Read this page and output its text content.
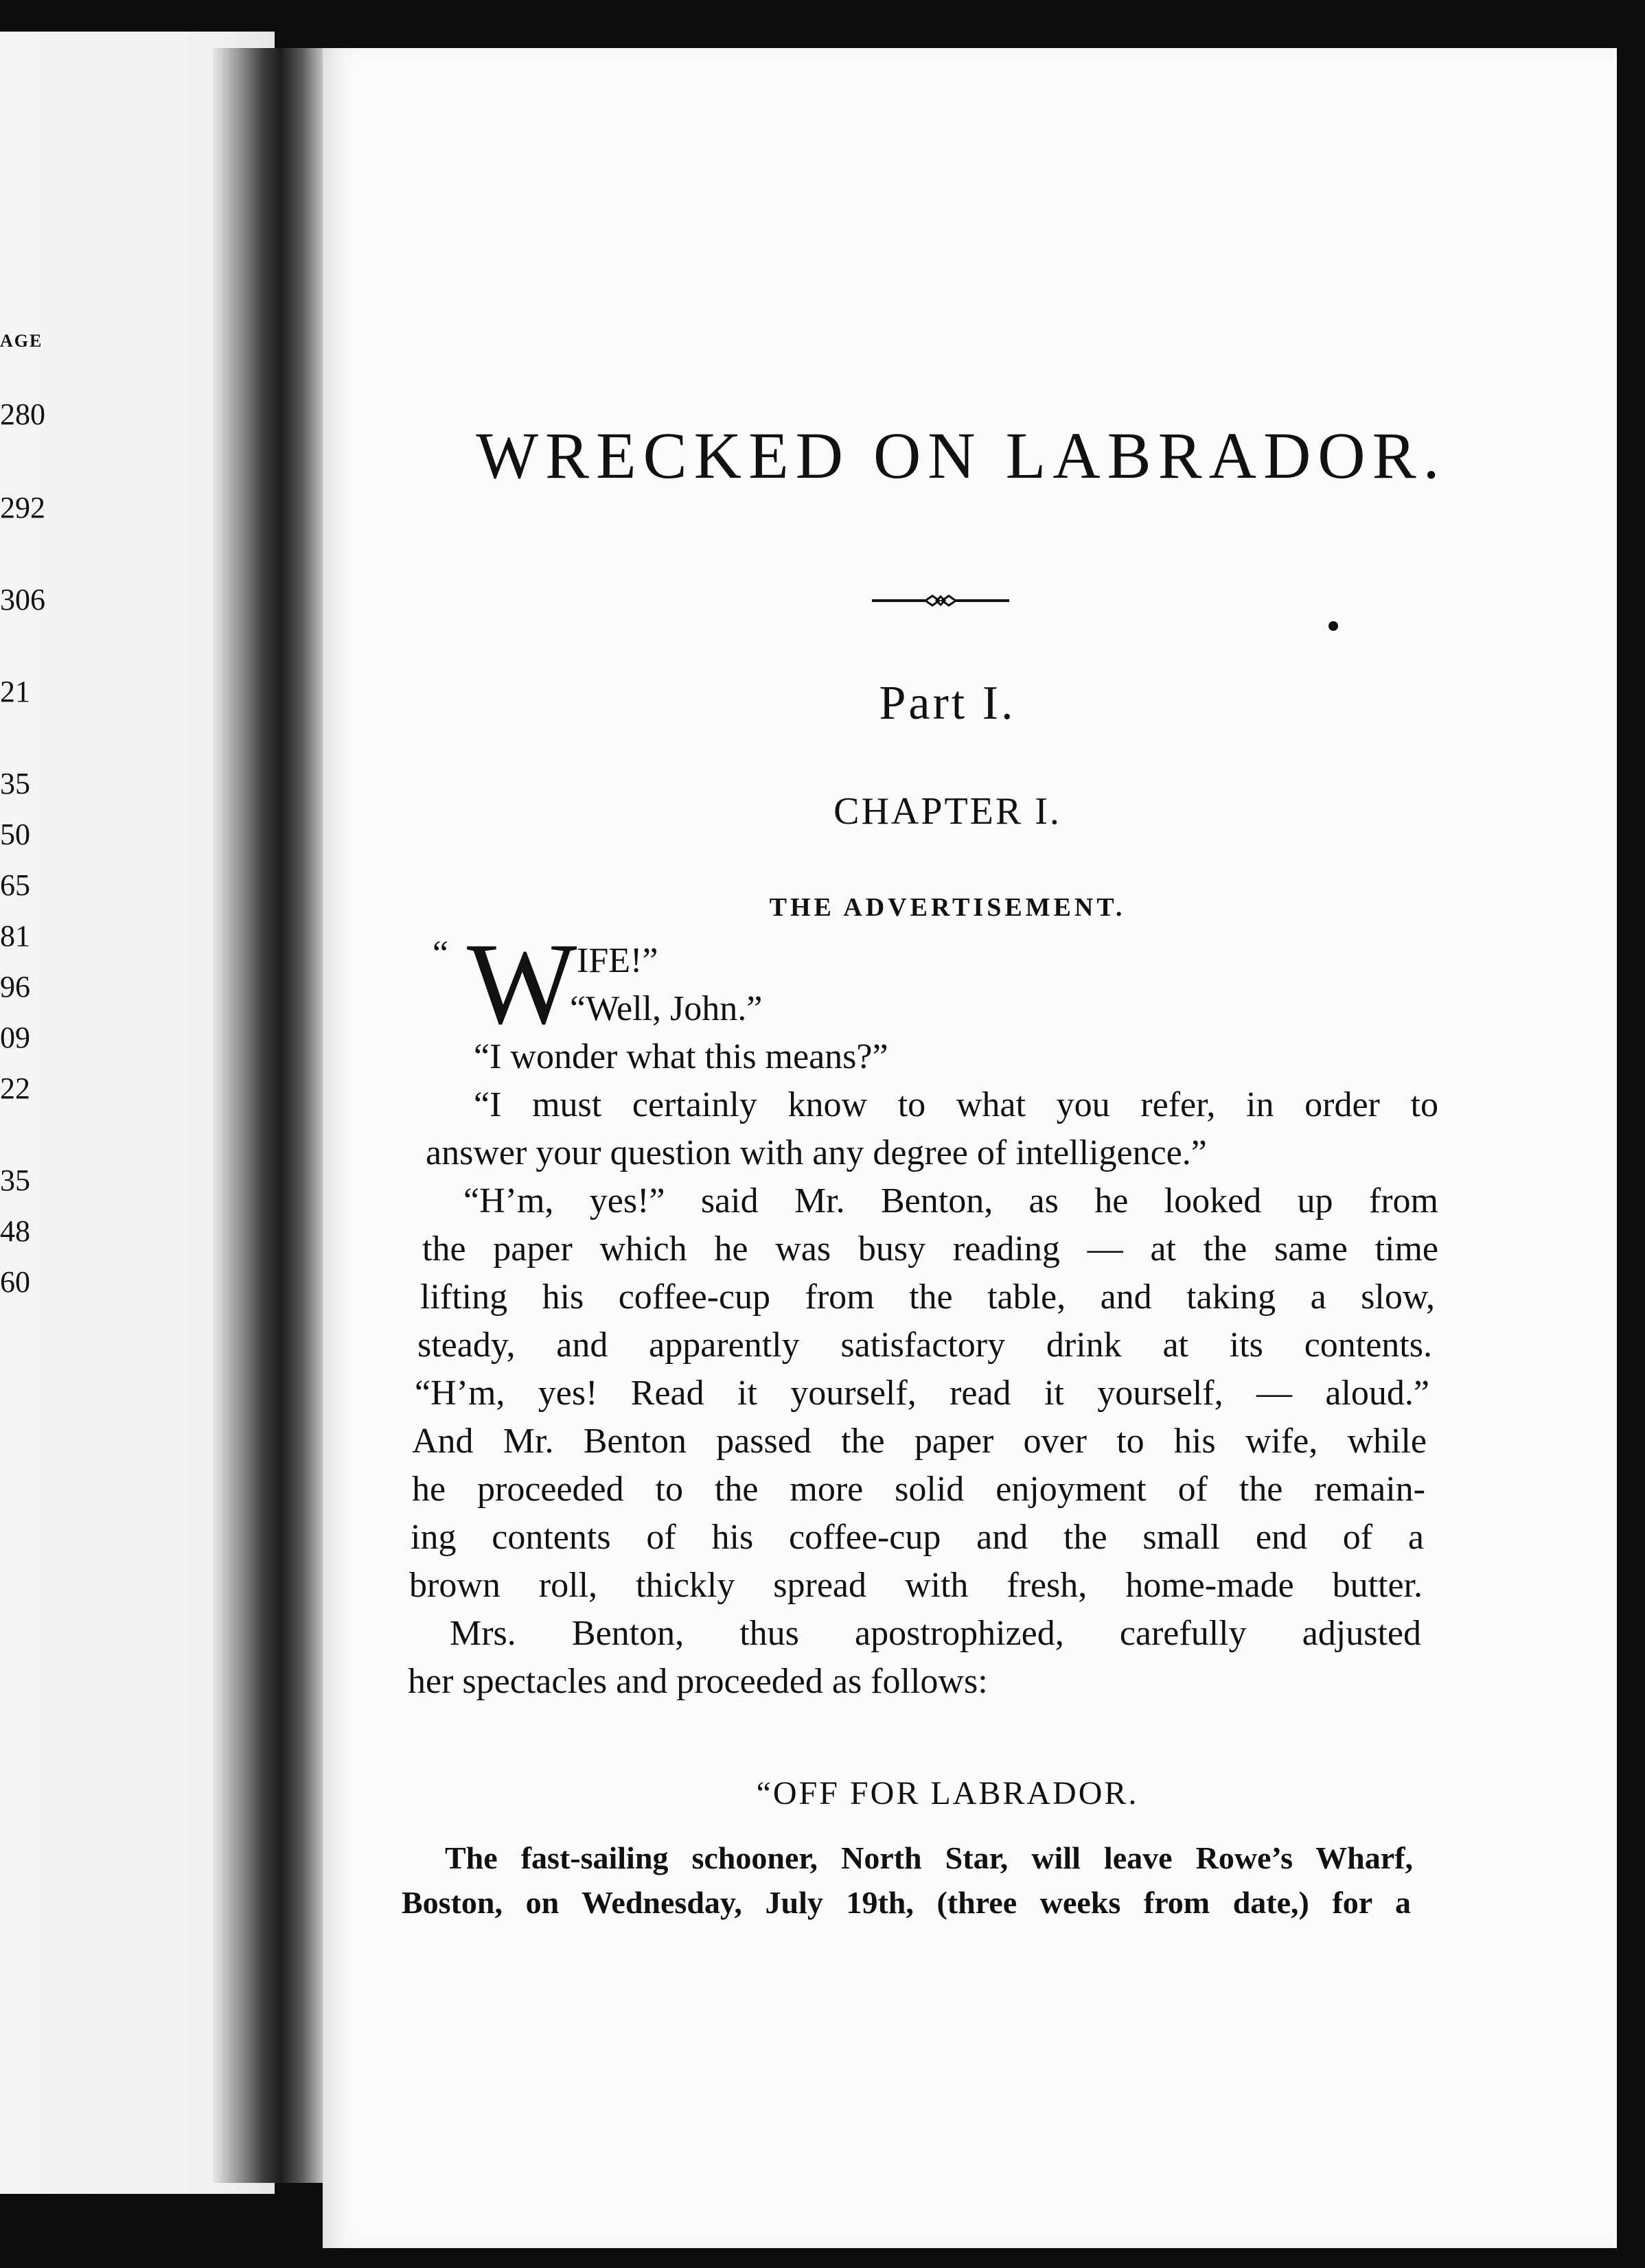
AGE
280
292
306
21
35
50
65
81
96
09
22
35
48
60
WRECKED ON LABRADOR.
Part I.
CHAPTER I.
THE ADVERTISEMENT.
“ W IFE!”
“Well, John.”
“I wonder what this means?”
“I must certainly know to what you refer, in order to
answer your question with any degree of intelligence.”
“H’m, yes!” said Mr. Benton, as he looked up from
the paper which he was busy reading — at the same time
lifting his coffee-cup from the table, and taking a slow,
steady, and apparently satisfactory drink at its contents.
“H’m, yes! Read it yourself, read it yourself, — aloud.”
And Mr. Benton passed the paper over to his wife, while
he proceeded to the more solid enjoyment of the remain-
ing contents of his coffee-cup and the small end of a
brown roll, thickly spread with fresh, home-made butter.
Mrs. Benton, thus apostrophized, carefully adjusted
her spectacles and proceeded as follows:
“OFF FOR LABRADOR.
The fast-sailing schooner, North Star, will leave Rowe’s Wharf,
Boston, on Wednesday, July 19th, (three weeks from date,) for a
